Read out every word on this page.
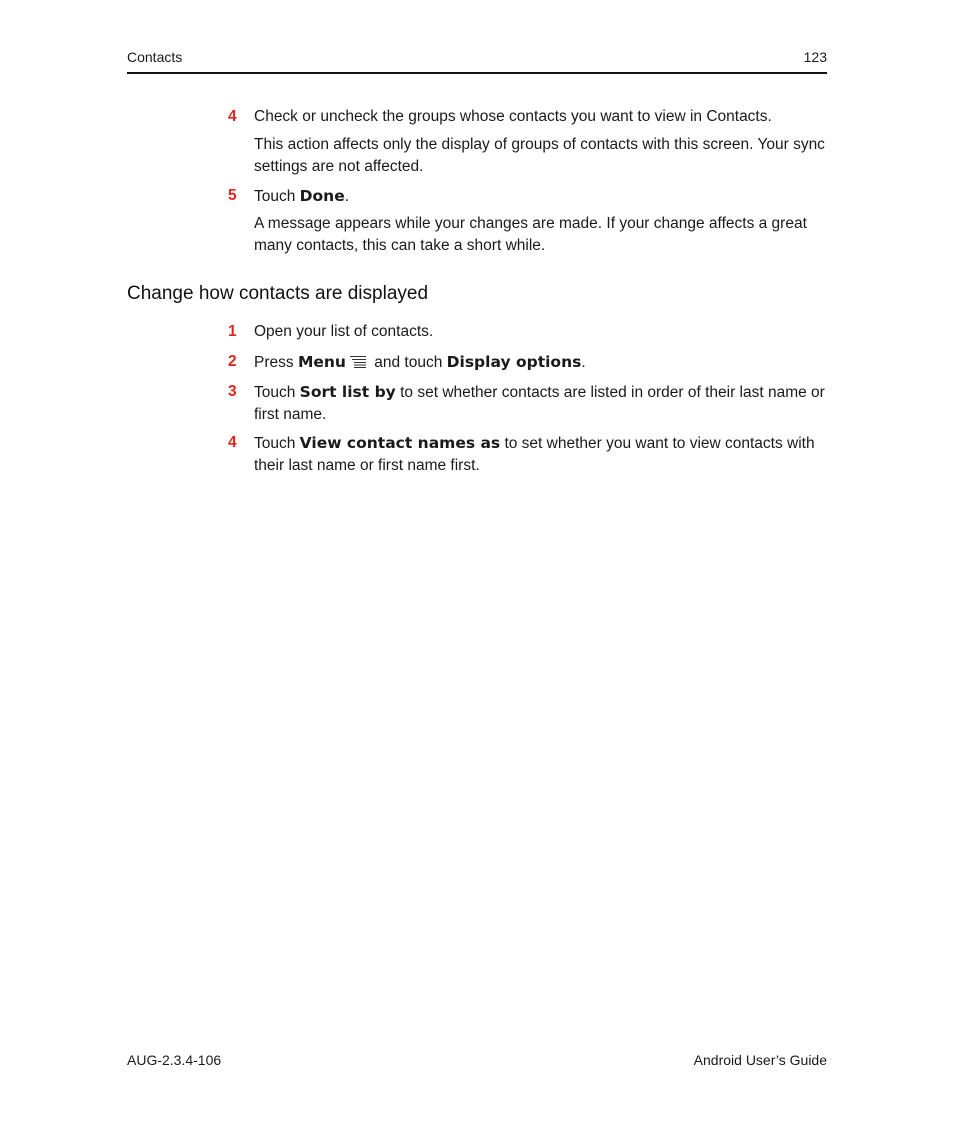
Contacts	123
4	Check or uncheck the groups whose contacts you want to view in Contacts.
This action affects only the display of groups of contacts with this screen. Your sync settings are not affected.
5	Touch Done.
A message appears while your changes are made. If your change affects a great many contacts, this can take a short while.
Change how contacts are displayed
1	Open your list of contacts.
2	Press Menu and touch Display options.
3	Touch Sort list by to set whether contacts are listed in order of their last name or first name.
4	Touch View contact names as to set whether you want to view contacts with their last name or first name first.
AUG-2.3.4-106	Android User’s Guide
